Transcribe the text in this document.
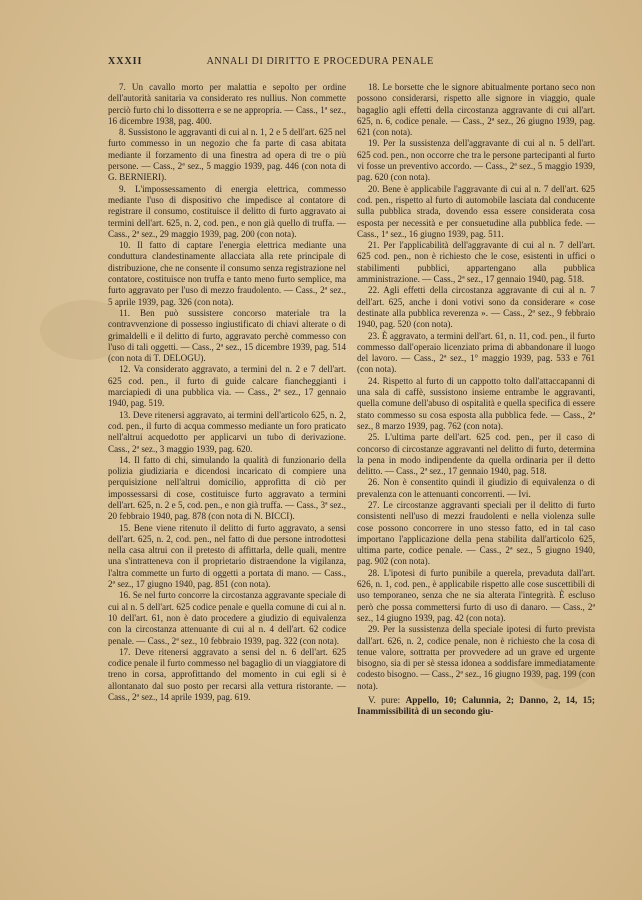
XXXII	ANNALI DI DIRITTO E PROCEDURA PENALE

7. Un cavallo morto per malattia e sepolto per ordine dell'autorità sanitaria va considerato res nullius. Non commette perciò furto chi lo dissotterra e se ne appropria. — Cass., 1ª sez., 16 dicembre 1938, pag. 400.

8. Sussistono le aggravanti di cui al n. 1, 2 e 5 dell'art. 625 nel furto commesso in un negozio che fa parte di casa abitata mediante il forzamento di una finestra ad opera di tre o più persone. — Cass., 2ª sez., 5 maggio 1939, pag. 446 (con nota di G. BERNIERI).

9. L'impossessamento di energia elettrica, commesso mediante l'uso di dispositivo che impedisce al contatore di registrare il consumo, costituisce il delitto di furto aggravato ai termini dell'art. 625, n. 2, cod. pen., e non già quello di truffa. — Cass., 2ª sez., 29 maggio 1939, pag. 200 (con nota).

10. Il fatto di captare l'energia elettrica mediante una conduttura clandestinamente allacciata alla rete principale di distribuzione, che ne consente il consumo senza registrazione nel contatore, costituisce non truffa e tanto meno furto semplice, ma furto aggravato per l'uso di mezzo fraudolento. — Cass., 2ª sez., 5 aprile 1939, pag. 326 (con nota).

11. Ben può sussistere concorso materiale tra la contravvenzione di possesso ingiustificato di chiavi alterate o di grimaldelli e il delitto di furto, aggravato perchè commesso con l'uso di tali oggetti. — Cass., 2ª sez., 15 dicembre 1939, pag. 514 (con nota di T. DELOGU).

12. Va considerato aggravato, a termini del n. 2 e 7 dell'art. 625 cod. pen., il furto di guide calcare fiancheggianti i marciapiedi di una pubblica via. — Cass., 2ª sez., 17 gennaio 1940, pag. 519.

13. Deve ritenersi aggravato, ai termini dell'articolo 625, n. 2, cod. pen., il furto di acqua commesso mediante un foro praticato nell'altrui acquedotto per applicarvi un tubo di derivazione. Cass., 2ª sez., 3 maggio 1939, pag. 620.

14. Il fatto di chi, simulando la qualità di funzionario della polizia giudiziaria e dicendosi incaricato di compiere una perquisizione nell'altrui domicilio, approfitta di ciò per impossessarsi di cose, costituisce furto aggravato a termini dell'art. 625, n. 2 e 5, cod. pen., e non già truffa. — Cass., 3ª sez., 20 febbraio 1940, pag. 878 (con nota di N. BICCI).

15. Bene viene ritenuto il delitto di furto aggravato, a sensi dell'art. 625, n. 2, cod. pen., nel fatto di due persone introdottesi nella casa altrui con il pretesto di affittarla, delle quali, mentre una s'intratteneva con il proprietario distraendone la vigilanza, l'altra commette un furto di oggetti a portata di mano. — Cass., 2ª sez., 17 giugno 1940, pag. 851 (con nota).

16. Se nel furto concorre la circostanza aggravante speciale di cui al n. 5 dell'art. 625 codice penale e quella comune di cui al n. 10 dell'art. 61, non è dato procedere a giudizio di equivalenza con la circostanza attenuante di cui al n. 4 dell'art. 62 codice penale. — Cass., 2ª sez., 10 febbraio 1939, pag. 322 (con nota).

17. Deve ritenersi aggravato a sensi del n. 6 dell'art. 625 codice penale il furto commesso nel bagaglio di un viaggiatore di treno in corsa, approfittando del momento in cui egli si è allontanato dal suo posto per recarsi alla vettura ristorante. — Cass., 2ª sez., 14 aprile 1939, pag. 619.

18. Le borsette che le signore abitualmente portano seco non possono considerarsi, rispetto alle signore in viaggio, quale bagaglio agli effetti della circostanza aggravante di cui all'art. 625, n. 6, codice penale. — Cass., 2ª sez., 26 giugno 1939, pag. 621 (con nota).

19. Per la sussistenza dell'aggravante di cui al n. 5 dell'art. 625 cod. pen., non occorre che tra le persone partecipanti al furto vi fosse un preventivo accordo. — Cass., 2ª sez., 5 maggio 1939, pag. 620 (con nota).

20. Bene è applicabile l'aggravante di cui al n. 7 dell'art. 625 cod. pen., rispetto al furto di automobile lasciata dal conducente sulla pubblica strada, dovendo essa essere considerata cosa esposta per necessità e per consuetudine alla pubblica fede. — Cass., 1ª sez., 16 giugno 1939, pag. 511.

21. Per l'applicabilità dell'aggravante di cui al n. 7 dell'art. 625 cod. pen., non è richiesto che le cose, esistenti in uffici o stabilimenti pubblici, appartengano alla pubblica amministrazione. — Cass., 2ª sez., 17 gennaio 1940, pag. 518.

22. Agli effetti della circostanza aggravante di cui al n. 7 dell'art. 625, anche i doni votivi sono da considerare « cose destinate alla pubblica reverenza ». — Cass., 2ª sez., 9 febbraio 1940, pag. 520 (con nota).

23. È aggravato, a termini dell'art. 61, n. 11, cod. pen., il furto commesso dall'operaio licenziato prima di abbandonare il luogo del lavoro. — Cass., 2ª sez., 1° maggio 1939, pag. 533 e 761 (con nota).

24. Rispetto al furto di un cappotto tolto dall'attaccapanni di una sala di caffè, sussistono insieme entrambe le aggravanti, quella comune dell'abuso di ospitalità e quella specifica di essere stato commesso su cosa esposta alla pubblica fede. — Cass., 2ª sez., 8 marzo 1939, pag. 762 (con nota).

25. L'ultima parte dell'art. 625 cod. pen., per il caso di concorso di circostanze aggravanti nel delitto di furto, determina la pena in modo indipendente da quella ordinaria per il detto delitto. — Cass., 2ª sez., 17 gennaio 1940, pag. 518.

26. Non è consentito quindi il giudizio di equivalenza o di prevalenza con le attenuanti concorrenti. — Ivi.

27. Le circostanze aggravanti speciali per il delitto di furto consistenti nell'uso di mezzi fraudolenti e nella violenza sulle cose possono concorrere in uno stesso fatto, ed in tal caso importano l'applicazione della pena stabilita dall'articolo 625, ultima parte, codice penale. — Cass., 2ª sez., 5 giugno 1940, pag. 902 (con nota).

28. L'ipotesi di furto punibile a querela, prevaduta dall'art. 626, n. 1, cod. pen., è applicabile rispetto alle cose suscettibili di uso temporaneo, senza che ne sia alterata l'integrità. È escluso però che possa commettersi furto di uso di danaro. — Cass., 2ª sez., 14 giugno 1939, pag. 42 (con nota).

29. Per la sussistenza della speciale ipotesi di furto prevista dall'art. 626, n. 2, codice penale, non è richiesto che la cosa di tenue valore, sottratta per provvedere ad un grave ed urgente bisogno, sia di per sè stessa idonea a soddisfare immediatamente codesto bisogno. — Cass., 2ª sez., 16 giugno 1939, pag. 199 (con nota).

V. pure: Appello, 10; Calunnia, 2; Danno, 2, 14, 15; Inammissibilità di un secondo giu-
